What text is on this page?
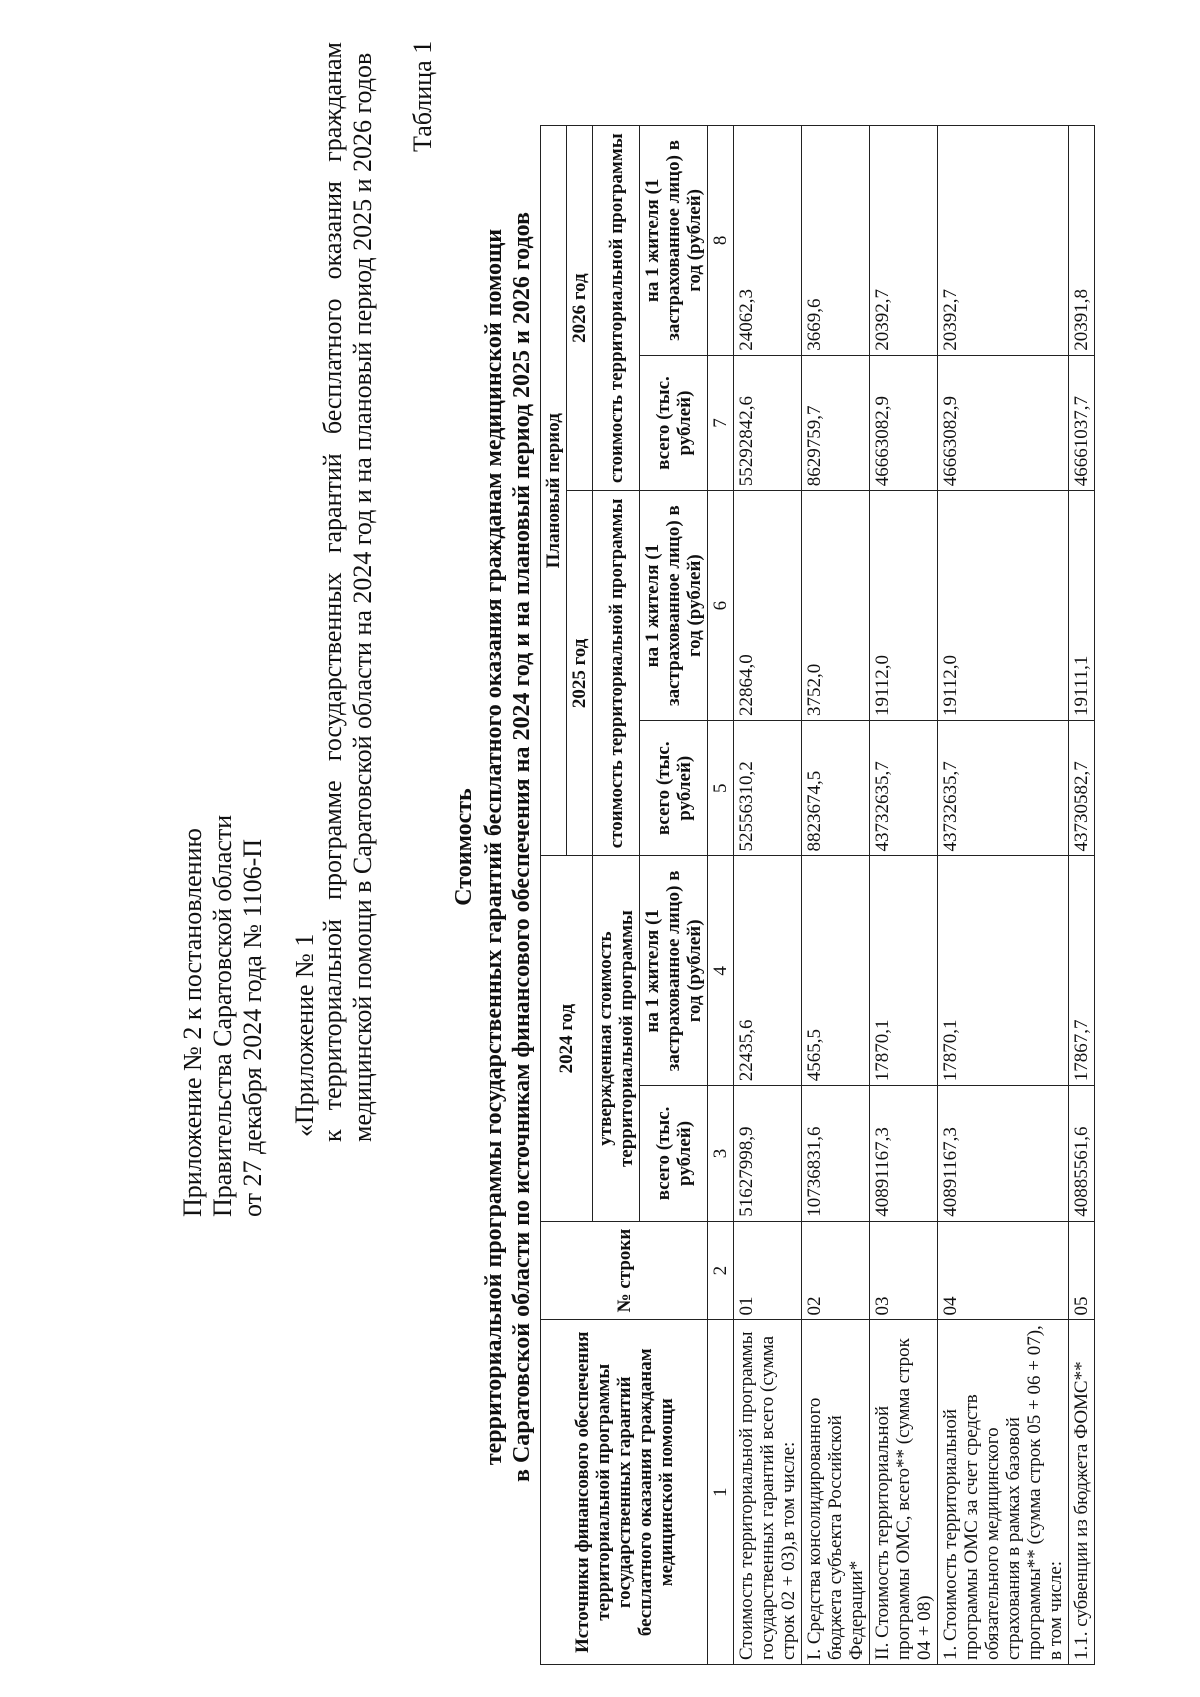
Приложение № 2 к постановлению Правительства Саратовской области от 27 декабря 2024 года № 1106-П «Приложение № 1 к территориальной программе государственных гарантий бесплатного оказания гражданам медицинской помощи в Саратовской области на 2024 год и на плановый период 2025 и 2026 годов Таблица 1
Стоимость территориальной программы государственных гарантий бесплатного оказания гражданам медицинской помощи в Саратовской области по источникам финансового обеспечения на 2024 год и на плановый период 2025 и 2026 годов
Источники финансового обеспечения территориальной программы государственных гарантий бесплатного оказания гражданам медицинской помощи	№ строки	2024 год		Плановый период			
				2025 год		2026 год	
		утвержденная стоимость территориальной программы		стоимость территориальной программы		стоимость территориальной программы	
		всего (тыс. рублей)	на 1 жителя (1 застрахованное лицо) в год (рублей)	всего (тыс. рублей)	на 1 жителя (1 застрахованное лицо) в год (рублей)	всего (тыс. рублей)	на 1 жителя (1 застрахованное лицо) в год (рублей)
1	2	3	4	5	6	7	8
Стоимость территориальной программы государственных гарантий всего (сумма строк 02 + 03),в том числе:	01	51627998,9	22435,6	52556310,2	22864,0	55292842,6	24062,3
I. Средства консолидированного бюджета субъекта Российской Федерации*	02	10736831,6	4565,5	8823674,5	3752,0	8629759,7	3669,6
II. Стоимость территориальной программы ОМС, всего** (сумма строк 04 + 08)	03	40891167,3	17870,1	43732635,7	19112,0	46663082,9	20392,7
1. Стоимость территориальной программы ОМС за счет средств обязательного медицинского страхования в рамках базовой программы** (сумма строк 05 + 06 + 07), в том числе:	04	40891167,3	17870,1	43732635,7	19112,0	46663082,9	20392,7
1.1. субвенции из бюджета ФОМС**	05	40885561,6	17867,7	43730582,7	19111,1	46661037,7	20391,8
